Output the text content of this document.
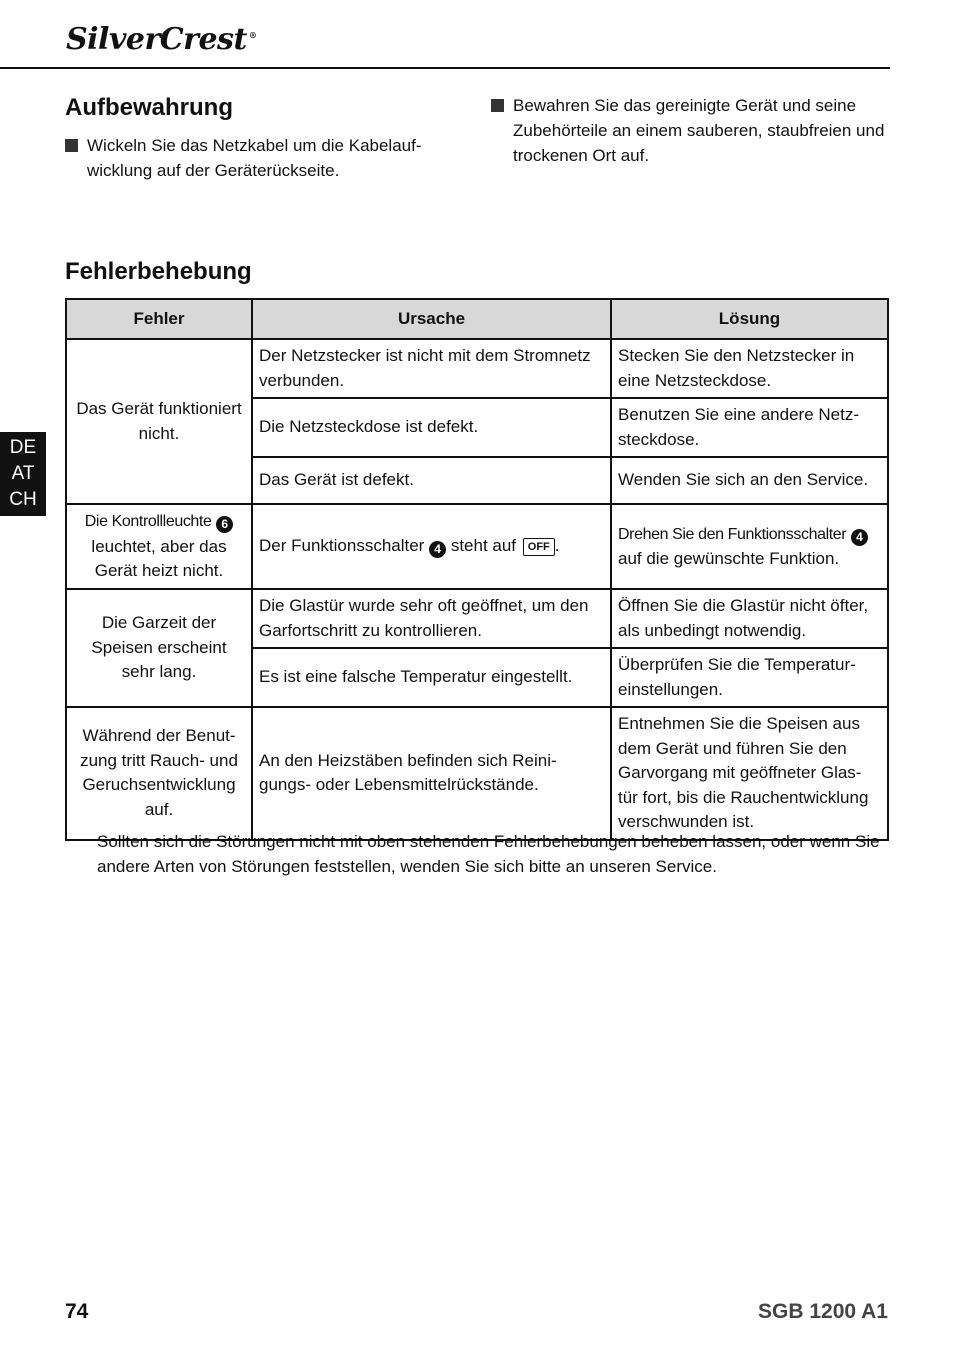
SilverCrest ®
DE
AT
CH
Aufbewahrung
Wickeln Sie das Netzkabel um die Kabelauf-wicklung auf der Geräterückseite.
Bewahren Sie das gereinigte Gerät und seine Zubehörteile an einem sauberen, staubfreien und trockenen Ort auf.
Fehlerbehebung
Fehler	Ursache	Lösung
Das Gerät funktioniert nicht.	Der Netzstecker ist nicht mit dem Stromnetz verbunden.	Stecken Sie den Netzstecker in eine Netzsteckdose.
	Die Netzsteckdose ist defekt.	Benutzen Sie eine andere Netz-steckdose.
	Das Gerät ist defekt.	Wenden Sie sich an den Service.
Die Kontrollleuchte 6 leuchtet, aber das Gerät heizt nicht.	Der Funktionsschalter 4 steht auf OFF .	Drehen Sie den Funktionsschalter 4 auf die gewünschte Funktion.
Die Garzeit der Speisen erscheint sehr lang.	Die Glastür wurde sehr oft geöffnet, um den Garfortschritt zu kontrollieren.	Öffnen Sie die Glastür nicht öfter, als unbedingt notwendig.
	Es ist eine falsche Temperatur eingestellt.	Überprüfen Sie die Temperatur-einstellungen.
Während der Benut-zung tritt Rauch- und Geruchsentwicklung auf.	An den Heizstäben befinden sich Reini-gungs- oder Lebensmittelrückstände.	Entnehmen Sie die Speisen aus dem Gerät und führen Sie den Garvorgang mit geöffneter Glas-tür fort, bis die Rauchentwicklung verschwunden ist.
Sollten sich die Störungen nicht mit oben stehenden Fehlerbehebungen beheben lassen, oder wenn Sie andere Arten von Störungen feststellen, wenden Sie sich bitte an unseren Service.
74	SGB 1200 A1
